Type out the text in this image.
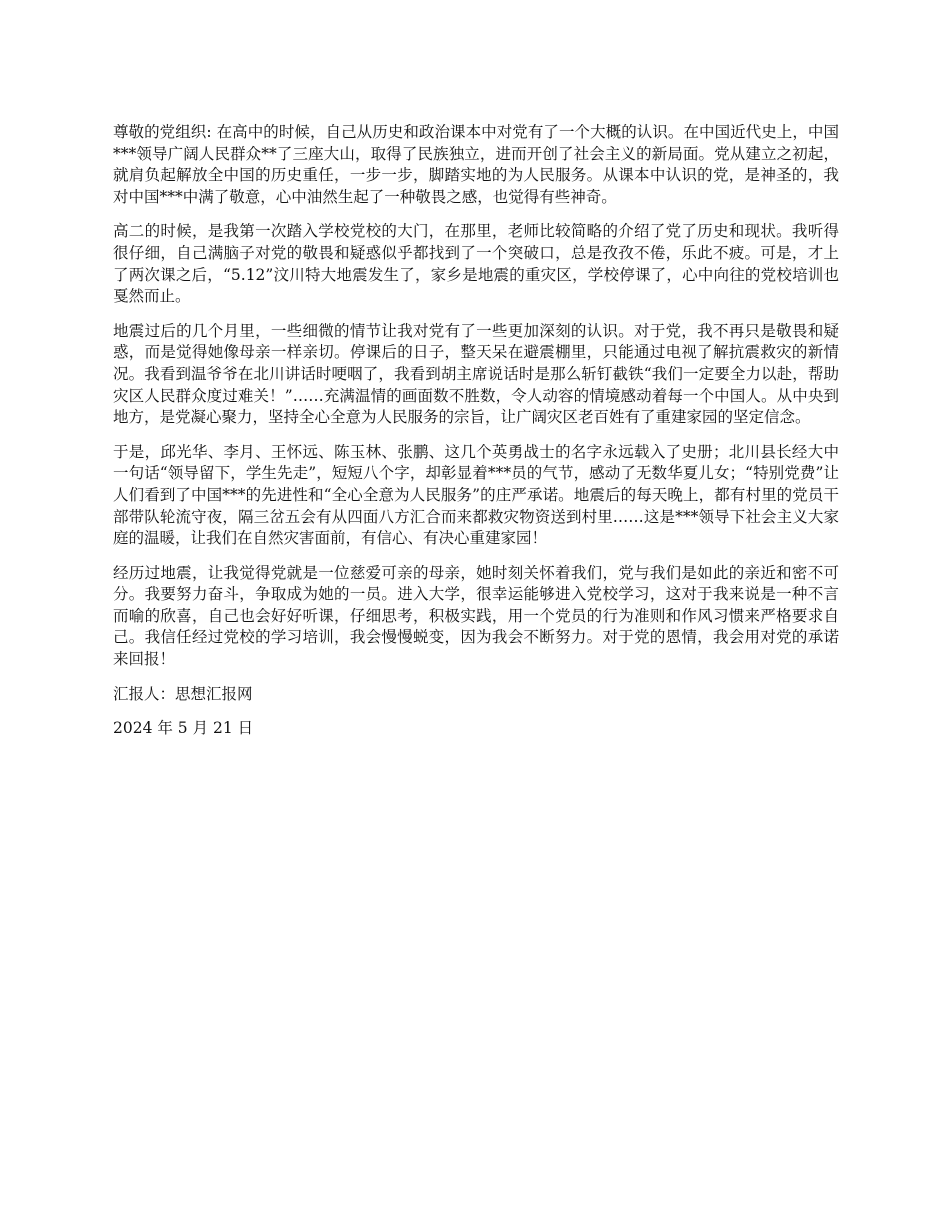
尊敬的党组织: 在高中的时候，自己从历史和政治课本中对党有了一个大概的认识。在中国近代史上，中国***领导广阔人民群众**了三座大山，取得了民族独立，进而开创了社会主义的新局面。党从建立之初起，就肩负起解放全中国的历史重任，一步一步，脚踏实地的为人民服务。从课本中认识的党，是神圣的，我对中国***中满了敬意，心中油然生起了一种敬畏之感，也觉得有些神奇。

高二的时候，是我第一次踏入学校党校的大门，在那里，老师比较简略的介绍了党了历史和现状。我听得很仔细，自己满脑子对党的敬畏和疑惑似乎都找到了一个突破口，总是孜孜不倦，乐此不疲。可是，才上了两次课之后，“5.12”汶川特大地震发生了，家乡是地震的重灾区，学校停课了，心中向往的党校培训也戛然而止。

地震过后的几个月里，一些细微的情节让我对党有了一些更加深刻的认识。对于党，我不再只是敬畏和疑惑，而是觉得她像母亲一样亲切。停课后的日子，整天呆在避震棚里，只能通过电视了解抗震救灾的新情况。我看到温爷爷在北川讲话时哽咽了，我看到胡主席说话时是那么斩钉截铁“我们一定要全力以赴，帮助灾区人民群众度过难关！”……充满温情的画面数不胜数，令人动容的情境感动着每一个中国人。从中央到地方，是党凝心聚力，坚持全心全意为人民服务的宗旨，让广阔灾区老百姓有了重建家园的坚定信念。

于是，邱光华、李月、王怀远、陈玉林、张鹏、这几个英勇战士的名字永远载入了史册；北川县长经大中一句话“领导留下，学生先走”，短短八个字，却彰显着***员的气节，感动了无数华夏儿女；“特别党费”让人们看到了中国***的先进性和“全心全意为人民服务”的庄严承诺。地震后的每天晚上，都有村里的党员干部带队轮流守夜，隔三岔五会有从四面八方汇合而来都救灾物资送到村里……这是***领导下社会主义大家庭的温暖，让我们在自然灾害面前，有信心、有决心重建家园！

经历过地震，让我觉得党就是一位慈爱可亲的母亲，她时刻关怀着我们，党与我们是如此的亲近和密不可分。我要努力奋斗，争取成为她的一员。进入大学，很幸运能够进入党校学习，这对于我来说是一种不言而喻的欣喜，自己也会好好听课，仔细思考，积极实践，用一个党员的行为准则和作风习惯来严格要求自己。我信任经过党校的学习培训，我会慢慢蜕变，因为我会不断努力。对于党的恩情，我会用对党的承诺来回报！

汇报人：思想汇报网

2024 年 5 月 21 日
